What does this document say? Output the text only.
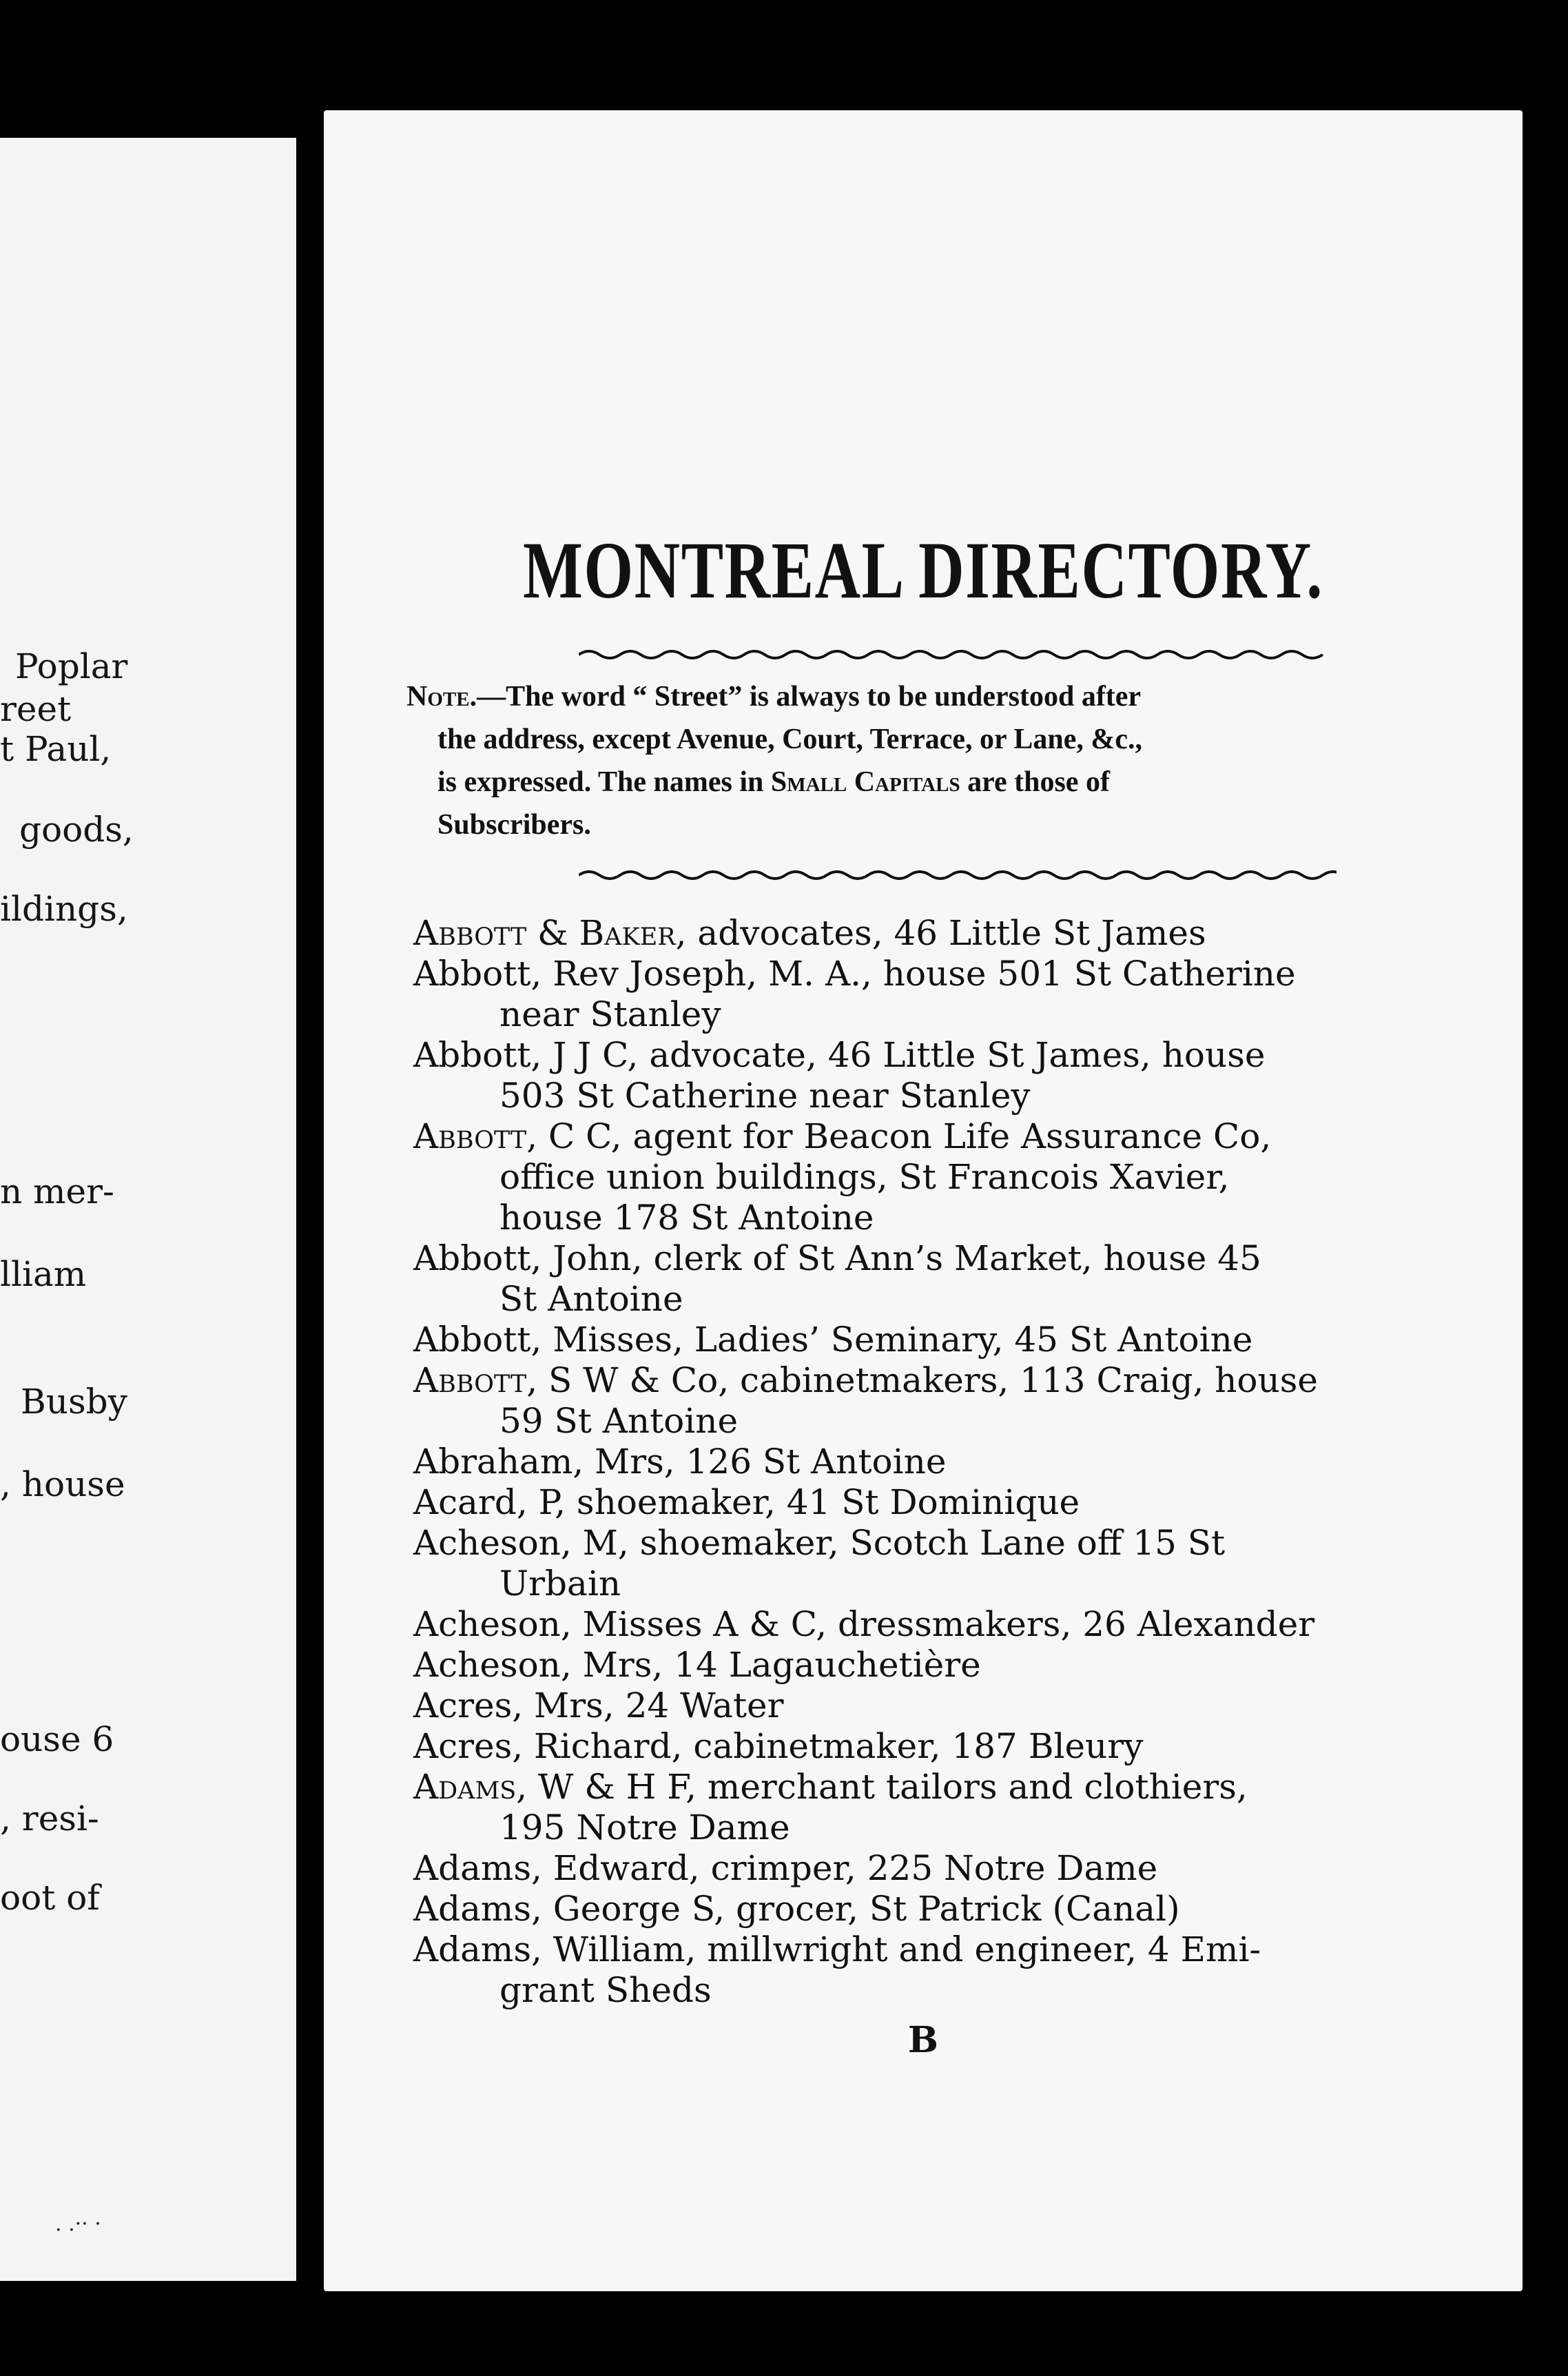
Poplar
reet
t Paul,
goods,
ildings,
n mer-
lliam
Busby
, house
ouse 6
, resi-
oot of
MONTREAL DIRECTORY.
Note.—The word “ Street” is always to be understood after
the address, except Avenue, Court, Terrace, or Lane, &c.,
is expressed. The names in Small Capitals are those of
Subscribers.
Abbott & Baker, advocates, 46 Little St James
Abbott, Rev Joseph, M. A., house 501 St Catherine
near Stanley
Abbott, J J C, advocate, 46 Little St James, house
503 St Catherine near Stanley
Abbott, C C, agent for Beacon Life Assurance Co,
office union buildings, St Francois Xavier,
house 178 St Antoine
Abbott, John, clerk of St Ann’s Market, house 45
St Antoine
Abbott, Misses, Ladies’ Seminary, 45 St Antoine
Abbott, S W & Co, cabinetmakers, 113 Craig, house
59 St Antoine
Abraham, Mrs, 126 St Antoine
Acard, P, shoemaker, 41 St Dominique
Acheson, M, shoemaker, Scotch Lane off 15 St
Urbain
Acheson, Misses A & C, dressmakers, 26 Alexander
Acheson, Mrs, 14 Lagauchetière
Acres, Mrs, 24 Water
Acres, Richard, cabinetmaker, 187 Bleury
Adams, W & H F, merchant tailors and clothiers,
195 Notre Dame
Adams, Edward, crimper, 225 Notre Dame
Adams, George S, grocer, St Patrick (Canal)
Adams, William, millwright and engineer, 4 Emi-
grant Sheds
B
. .·· ·
